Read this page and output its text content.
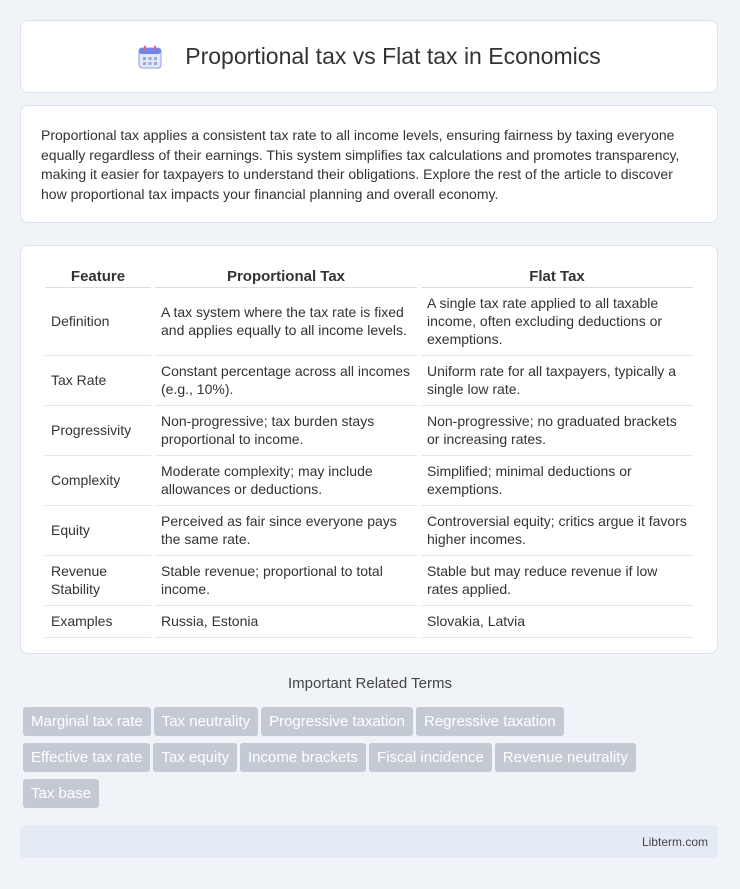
Proportional tax vs Flat tax in Economics

Proportional tax applies a consistent tax rate to all income levels, ensuring fairness by taxing everyone equally regardless of their earnings. This system simplifies tax calculations and promotes transparency, making it easier for taxpayers to understand their obligations. Explore the rest of the article to discover how proportional tax impacts your financial planning and overall economy.

Feature	Proportional Tax	Flat Tax
Definition	A tax system where the tax rate is fixed and applies equally to all income levels.	A single tax rate applied to all taxable income, often excluding deductions or exemptions.
Tax Rate	Constant percentage across all incomes (e.g., 10%).	Uniform rate for all taxpayers, typically a single low rate.
Progressivity	Non-progressive; tax burden stays proportional to income.	Non-progressive; no graduated brackets or increasing rates.
Complexity	Moderate complexity; may include allowances or deductions.	Simplified; minimal deductions or exemptions.
Equity	Perceived as fair since everyone pays the same rate.	Controversial equity; critics argue it favors higher incomes.
Revenue Stability	Stable revenue; proportional to total income.	Stable but may reduce revenue if low rates applied.
Examples	Russia, Estonia	Slovakia, Latvia
Important Related Terms
Marginal tax rate Tax neutrality Progressive taxation Regressive taxation
Effective tax rate Tax equity Income brackets Fiscal incidence Revenue neutrality
Tax base
Libterm.com
